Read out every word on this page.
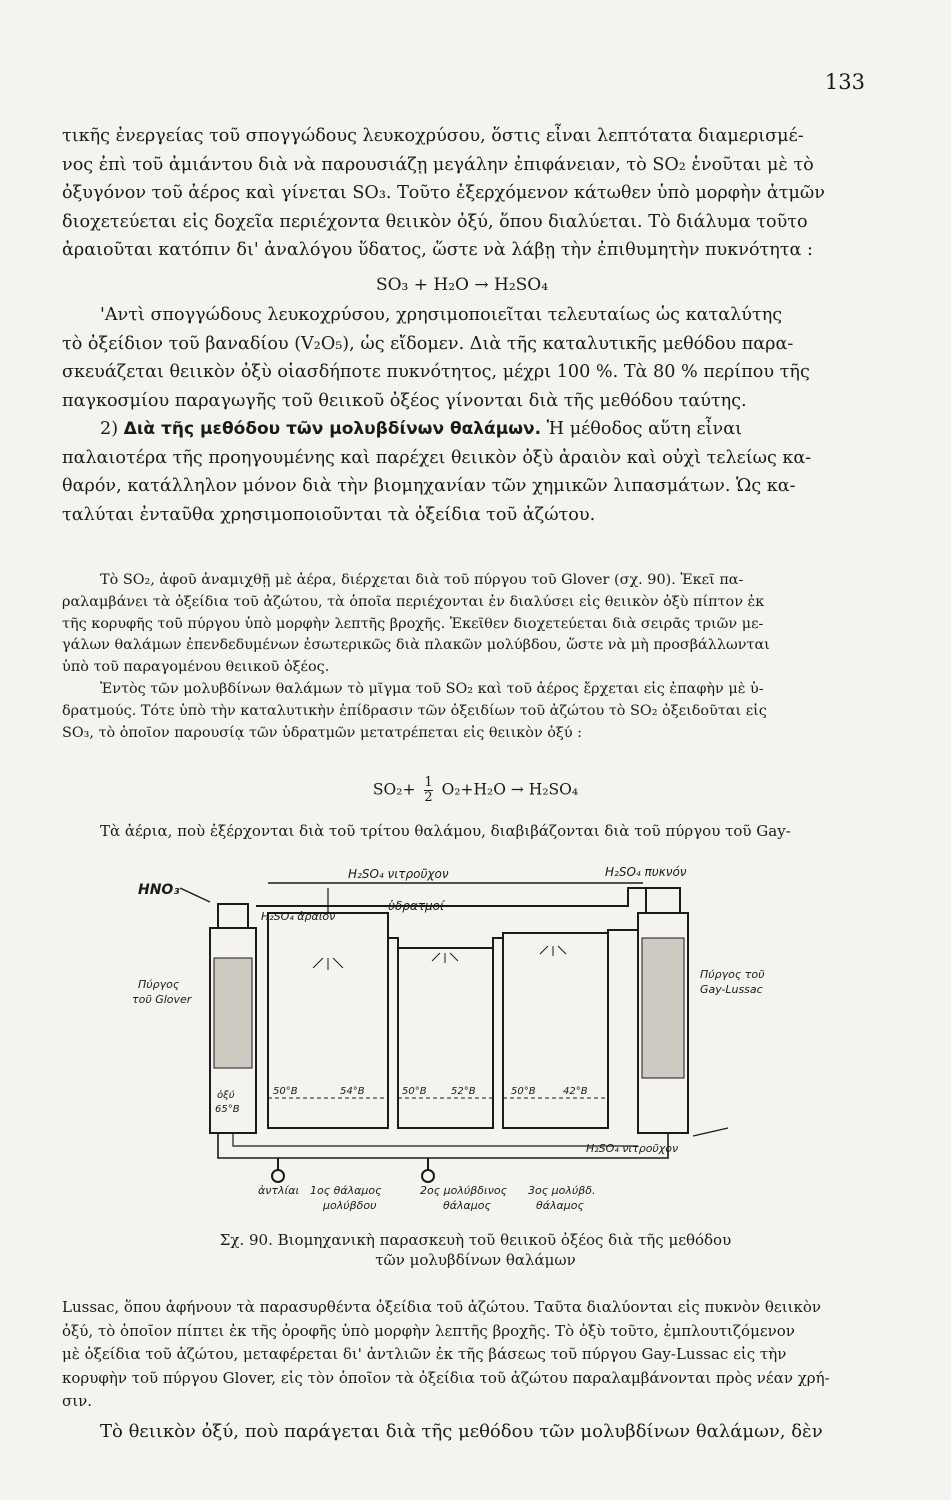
133
τικῆς ἐνεργείας τοῦ σπογγώδους λευκοχρύσου, ὅστις εἶναι λεπτότατα διαμερισμέ-
νος ἐπὶ τοῦ ἀμιάντου διὰ νὰ παρουσιάζῃ μεγάλην ἐπιφάνειαν, τὸ SO₂ ἑνοῦται μὲ τὸ
ὀξυγόνον τοῦ ἀέρος καὶ γίνεται SO₃. Τοῦτο ἐξερχόμενον κάτωθεν ὑπὸ μορφὴν ἀτμῶν
διοχετεύεται εἰς δοχεῖα περιέχοντα θειικὸν ὀξύ, ὅπου διαλύεται. Τὸ διάλυμα τοῦτο
ἀραιοῦται κατόπιν δι' ἀναλόγου ὕδατος, ὥστε νὰ λάβῃ τὴν ἐπιθυμητὴν πυκνότητα :
SO₃ + H₂O → H₂SO₄
'Αντὶ σπογγώδους λευκοχρύσου, χρησιμοποιεῖται τελευταίως ὡς καταλύτης
τὸ ὀξείδιον τοῦ βαναδίου (V₂O₅), ὡς εἴδομεν. Διὰ τῆς καταλυτικῆς μεθόδου παρα-
σκευάζεται θειικὸν ὀξὺ οἱασδήποτε πυκνότητος, μέχρι 100 %. Τὰ 80 % περίπου τῆς
παγκοσμίου παραγωγῆς τοῦ θειικοῦ ὀξέος γίνονται διὰ τῆς μεθόδου ταύτης.
2) Διὰ τῆς μεθόδου τῶν μολυβδίνων θαλάμων. Ἡ μέθοδος αὕτη εἶναι
παλαιοτέρα τῆς προηγουμένης καὶ παρέχει θειικὸν ὀξὺ ἀραιὸν καὶ οὐχὶ τελείως κα-
θαρόν, κατάλληλον μόνον διὰ τὴν βιομηχανίαν τῶν χημικῶν λιπασμάτων. Ὡς κα-
ταλύται ἐνταῦθα χρησιμοποιοῦνται τὰ ὀξείδια τοῦ ἀζώτου.
Τὸ SO₂, ἀφοῦ ἀναμιχθῇ μὲ ἀέρα, διέρχεται διὰ τοῦ πύργου τοῦ Glover (σχ. 90). Ἐκεῖ πα-
ραλαμβάνει τὰ ὀξείδια τοῦ ἀζώτου, τὰ ὁποῖα περιέχονται ἐν διαλύσει εἰς θειικὸν ὀξὺ πίπτον ἐκ
τῆς κορυφῆς τοῦ πύργου ὑπὸ μορφὴν λεπτῆς βροχῆς. Ἐκεῖθεν διοχετεύεται διὰ σειρᾶς τριῶν με-
γάλων θαλάμων ἐπενδεδυμένων ἐσωτερικῶς διὰ πλακῶν μολύβδου, ὥστε νὰ μὴ προσβάλλωνται
ὑπὸ τοῦ παραγομένου θειικοῦ ὀξέος.
Ἐντὸς τῶν μολυβδίνων θαλάμων τὸ μῖγμα τοῦ SO₂ καὶ τοῦ ἀέρος ἔρχεται εἰς ἐπαφὴν μὲ ὑ-
δρατμούς. Τότε ὑπὸ τὴν καταλυτικὴν ἐπίδρασιν τῶν ὀξειδίων τοῦ ἀζώτου τὸ SO₂ ὀξειδοῦται εἰς
SO₃, τὸ ὁποῖον παρουσίᾳ τῶν ὑδρατμῶν μετατρέπεται εἰς θειικὸν ὀξύ :
$SO_2+ \frac{1}{2} O_2+H_2O \to H_2SO_4$
Τὰ ἀέρια, ποὺ ἐξέρχονται διὰ τοῦ τρίτου θαλάμου, διαβιβάζονται διὰ τοῦ πύργου τοῦ Gay-
HNO₃
H₂SO₄ νιτροῦχον	H₂SO₄ πυκνόν
H₂SO₄ ἀραιόν
ὑδρατμοί
Πύργος
τοῦ Glover
Πύργος τοῦ
Gay-Lussac
ὀξύ
65°B
50°B	54°B	50°B 52°B	50°B	42°B
H₂SO₄ νιτροῦχον
ἀντλίαι 1ος θάλαμος
μολύβδου
2ος μολύβδινος
θάλαμος
3ος μολύβδ.
θάλαμος
Σχ. 90. Βιομηχανικὴ παρασκευὴ τοῦ θειικοῦ ὀξέος διὰ τῆς μεθόδου
τῶν μολυβδίνων θαλάμων
Lussac, ὅπου ἀφήνουν τὰ παρασυρθέντα ὀξείδια τοῦ ἀζώτου. Ταῦτα διαλύονται εἰς πυκνὸν θειικὸν
ὀξύ, τὸ ὁποῖον πίπτει ἐκ τῆς ὀροφῆς ὑπὸ μορφὴν λεπτῆς βροχῆς. Τὸ ὀξὺ τοῦτο, ἐμπλουτιζόμενον
μὲ ὀξείδια τοῦ ἀζώτου, μεταφέρεται δι' ἀντλιῶν ἐκ τῆς βάσεως τοῦ πύργου Gay-Lussac εἰς τὴν
κορυφὴν τοῦ πύργου Glover, εἰς τὸν ὁποῖον τὰ ὀξείδια τοῦ ἀζώτου παραλαμβάνονται πρὸς νέαν χρή-
σιν.
Τὸ θειικὸν ὀξύ, ποὺ παράγεται διὰ τῆς μεθόδου τῶν μολυβδίνων θαλάμων, δὲν
